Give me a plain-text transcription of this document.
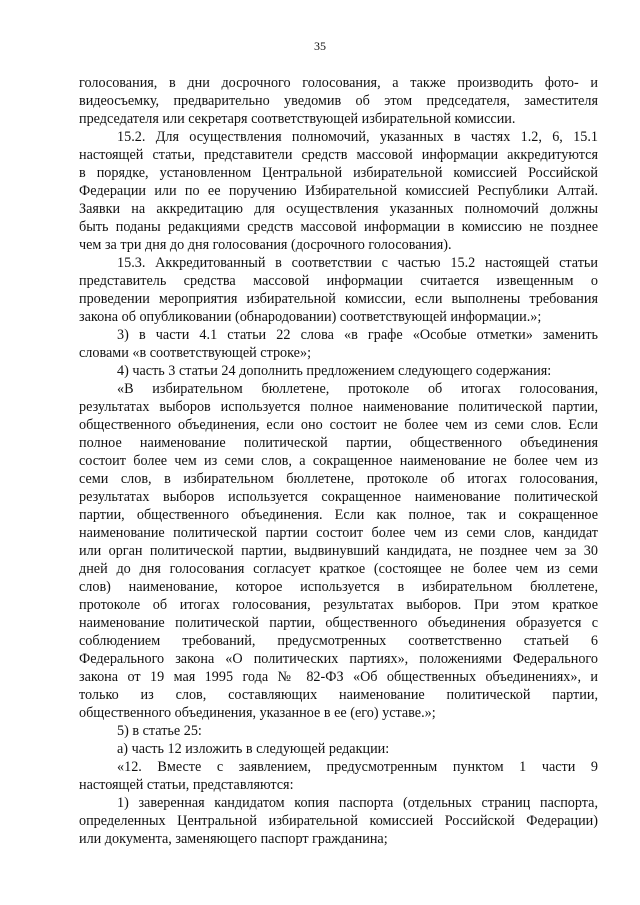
35
голосования, в дни досрочного голосования, а также производить фото- и
видеосъемку, предварительно уведомив об этом председателя, заместителя
председателя или секретаря соответствующей избирательной комиссии.
15.2. Для осуществления полномочий, указанных в частях 1.2, 6, 15.1
настоящей статьи, представители средств массовой информации аккредитуются
в порядке, установленном Центральной избирательной комиссией Российской
Федерации или по ее поручению Избирательной комиссией Республики Алтай.
Заявки на аккредитацию для осуществления указанных полномочий должны
быть поданы редакциями средств массовой информации в комиссию не позднее
чем за три дня до дня голосования (досрочного голосования).
15.3. Аккредитованный в соответствии с частью 15.2 настоящей статьи
представитель средства массовой информации считается извещенным о
проведении мероприятия избирательной комиссии, если выполнены требования
закона об опубликовании (обнародовании) соответствующей информации.»;
3) в части 4.1 статьи 22 слова «в графе «Особые отметки» заменить
словами «в соответствующей строке»;
4) часть 3 статьи 24 дополнить предложением следующего содержания:
«В избирательном бюллетене, протоколе об итогах голосования,
результатах выборов используется полное наименование политической партии,
общественного объединения, если оно состоит не более чем из семи слов. Если
полное наименование политической партии, общественного объединения
состоит более чем из семи слов, а сокращенное наименование не более чем из
семи слов, в избирательном бюллетене, протоколе об итогах голосования,
результатах выборов используется сокращенное наименование политической
партии, общественного объединения. Если как полное, так и сокращенное
наименование политической партии состоит более чем из семи слов, кандидат
или орган политической партии, выдвинувший кандидата, не позднее чем за 30
дней до дня голосования согласует краткое (состоящее не более чем из семи
слов) наименование, которое используется в избирательном бюллетене,
протоколе об итогах голосования, результатах выборов. При этом краткое
наименование политической партии, общественного объединения образуется с
соблюдением требований, предусмотренных соответственно статьей 6
Федерального закона «О политических партиях», положениями Федерального
закона от 19 мая 1995 года № 82-ФЗ «Об общественных объединениях», и
только из слов, составляющих наименование политической партии,
общественного объединения, указанное в ее (его) уставе.»;
5) в статье 25:
а) часть 12 изложить в следующей редакции:
«12. Вместе с заявлением, предусмотренным пунктом 1 части 9
настоящей статьи, представляются:
1) заверенная кандидатом копия паспорта (отдельных страниц паспорта,
определенных Центральной избирательной комиссией Российской Федерации)
или документа, заменяющего паспорт гражданина;
